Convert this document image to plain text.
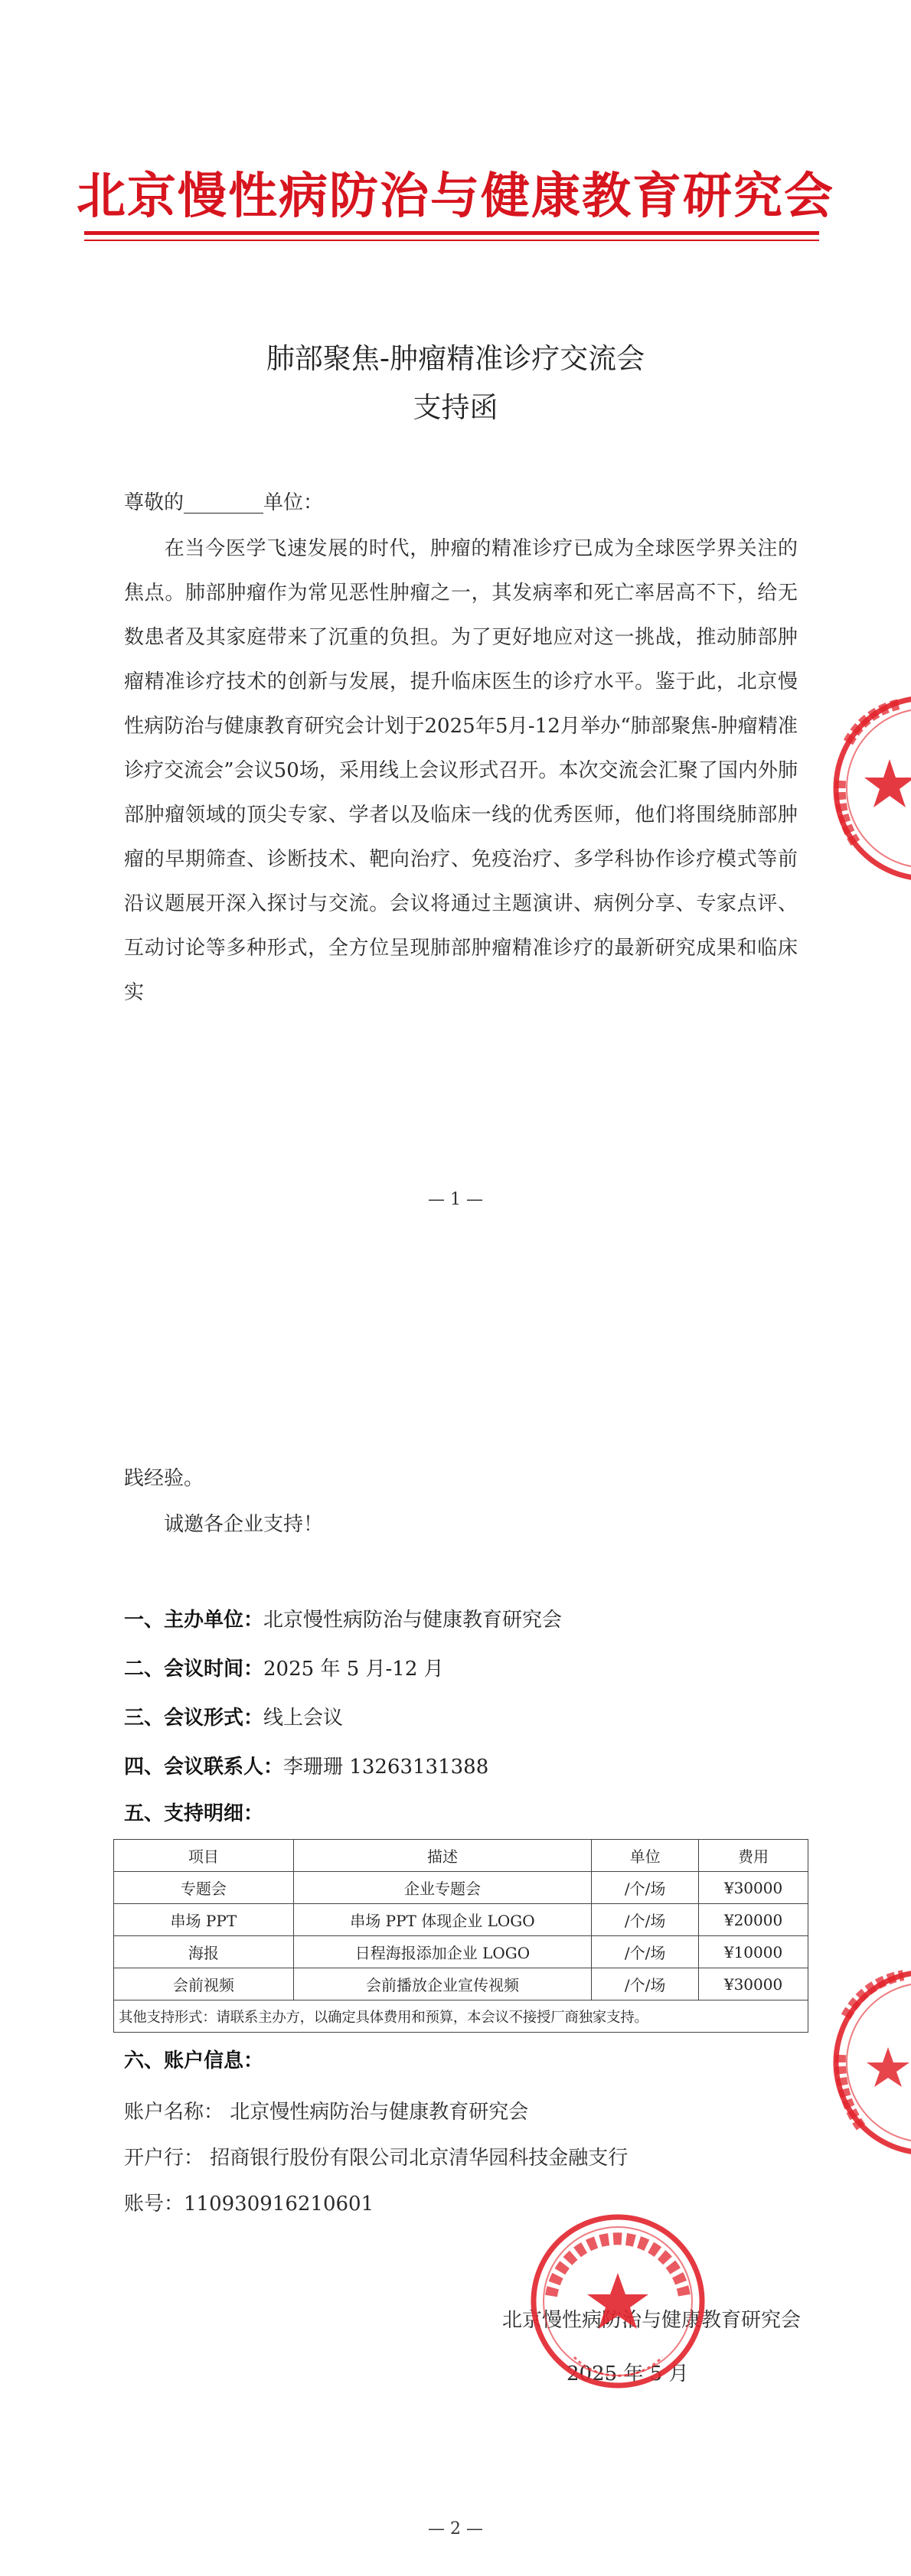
北京慢性病防治与健康教育研究会
肺部聚焦-肿瘤精准诊疗交流会
支持函
尊敬的________单位：
在当今医学飞速发展的时代，肿瘤的精准诊疗已成为全球医学界关注的焦点。肺部肿瘤作为常见恶性肿瘤之一，其发病率和死亡率居高不下，给无数患者及其家庭带来了沉重的负担。为了更好地应对这一挑战，推动肺部肿瘤精准诊疗技术的创新与发展，提升临床医生的诊疗水平。鉴于此，北京慢性病防治与健康教育研究会计划于2025年5月-12月举办“肺部聚焦-肿瘤精准诊疗交流会”会议50场，采用线上会议形式召开。本次交流会汇聚了国内外肺部肿瘤领域的顶尖专家、学者以及临床一线的优秀医师，他们将围绕肺部肿瘤的早期筛查、诊断技术、靶向治疗、免疫治疗、多学科协作诊疗模式等前沿议题展开深入探讨与交流。会议将通过主题演讲、病例分享、专家点评、互动讨论等多种形式，全方位呈现肺部肿瘤精准诊疗的最新研究成果和临床实
— 1 —
践经验。
诚邀各企业支持！
一、主办单位：北京慢性病防治与健康教育研究会
二、会议时间：2025 年 5 月-12 月
三、会议形式：线上会议
四、会议联系人：李珊珊 13263131388
五、支持明细：
项目	描述	单位	费用
专题会	企业专题会	/个/场	¥30000
串场 PPT	串场 PPT 体现企业 LOGO	/个/场	¥20000
海报	日程海报添加企业 LOGO	/个/场	¥10000
会前视频	会前播放企业宣传视频	/个/场	¥30000
其他支持形式：请联系主办方，以确定具体费用和预算，本会议不接授厂商独家支持。			
六、账户信息：
账户名称： 北京慢性病防治与健康教育研究会
开户行： 招商银行股份有限公司北京清华园科技金融支行
账号：110930916210601
北京慢性病防治与健康教育研究会
2025 年 5 月
— 2 —
